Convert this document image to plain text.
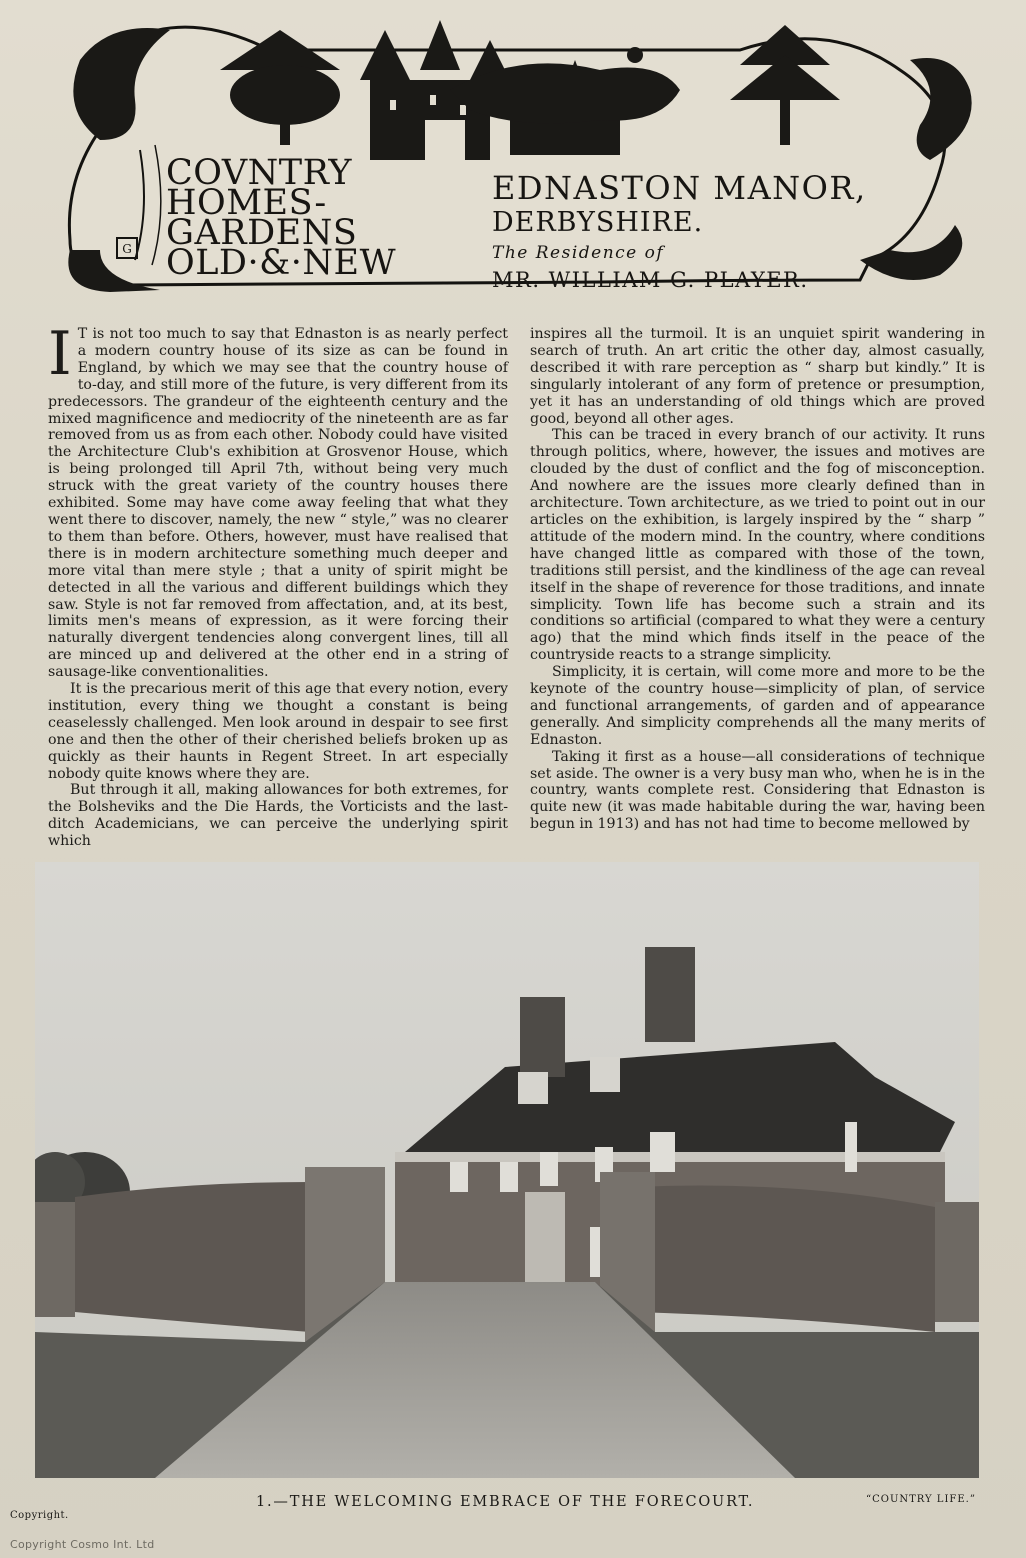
G
COVNTRY
HOMES-
GARDENS
OLD·&·NEW
EDNASTON MANOR,
DERBYSHIRE.
The Residence of
MR. WILLIAM G. PLAYER.

I T is not too much to say that Ednaston is as nearly perfect a modern country house of its size as can be found in England, by which we may see that the country house of to-day, and still more of the future, is very different from its predecessors. The grandeur of the eighteenth century and the mixed magnificence and mediocrity of the nineteenth are as far removed from us as from each other. Nobody could have visited the Architecture Club's exhibition at Grosvenor House, which is being prolonged till April 7th, without being very much struck with the great variety of the country houses there exhibited. Some may have come away feeling that what they went there to discover, namely, the new “ style,” was no clearer to them than before. Others, however, must have realised that there is in modern architecture something much deeper and more vital than mere style ; that a unity of spirit might be detected in all the various and different buildings which they saw. Style is not far removed from affectation, and, at its best, limits men's means of expression, as it were forcing their naturally divergent tendencies along convergent lines, till all are minced up and delivered at the other end in a string of sausage-like conventionalities.

It is the precarious merit of this age that every notion, every institution, every thing we thought a constant is being ceaselessly challenged. Men look around in despair to see first one and then the other of their cherished beliefs broken up as quickly as their haunts in Regent Street. In art especially nobody quite knows where they are.

But through it all, making allowances for both extremes, for the Bolsheviks and the Die Hards, the Vorticists and the last-ditch Academicians, we can perceive the underlying spirit which

inspires all the turmoil. It is an unquiet spirit wandering in search of truth. An art critic the other day, almost casually, described it with rare perception as “ sharp but kindly.” It is singularly intolerant of any form of pretence or presumption, yet it has an understanding of old things which are proved good, beyond all other ages.

This can be traced in every branch of our activity. It runs through politics, where, however, the issues and motives are clouded by the dust of conflict and the fog of misconception. And nowhere are the issues more clearly defined than in architecture. Town architecture, as we tried to point out in our articles on the exhibition, is largely inspired by the “ sharp ” attitude of the modern mind. In the country, where conditions have changed little as compared with those of the town, traditions still persist, and the kindliness of the age can reveal itself in the shape of reverence for those traditions, and innate simplicity. Town life has become such a strain and its conditions so artificial (compared to what they were a century ago) that the mind which finds itself in the peace of the countryside reacts to a strange simplicity.

Simplicity, it is certain, will come more and more to be the keynote of the country house—simplicity of plan, of service and functional arrangements, of garden and of appearance generally. And simplicity comprehends all the many merits of Ednaston.

Taking it first as a house—all considerations of technique set aside. The owner is a very busy man who, when he is in the country, wants complete rest. Considering that Ednaston is quite new (it was made habitable during the war, having been begun in 1913) and has not had time to become mellowed by

Copyright.
1.—THE WELCOMING EMBRACE OF THE FORECOURT.	“COUNTRY LIFE.”
Copyright Cosmo Int. Ltd
